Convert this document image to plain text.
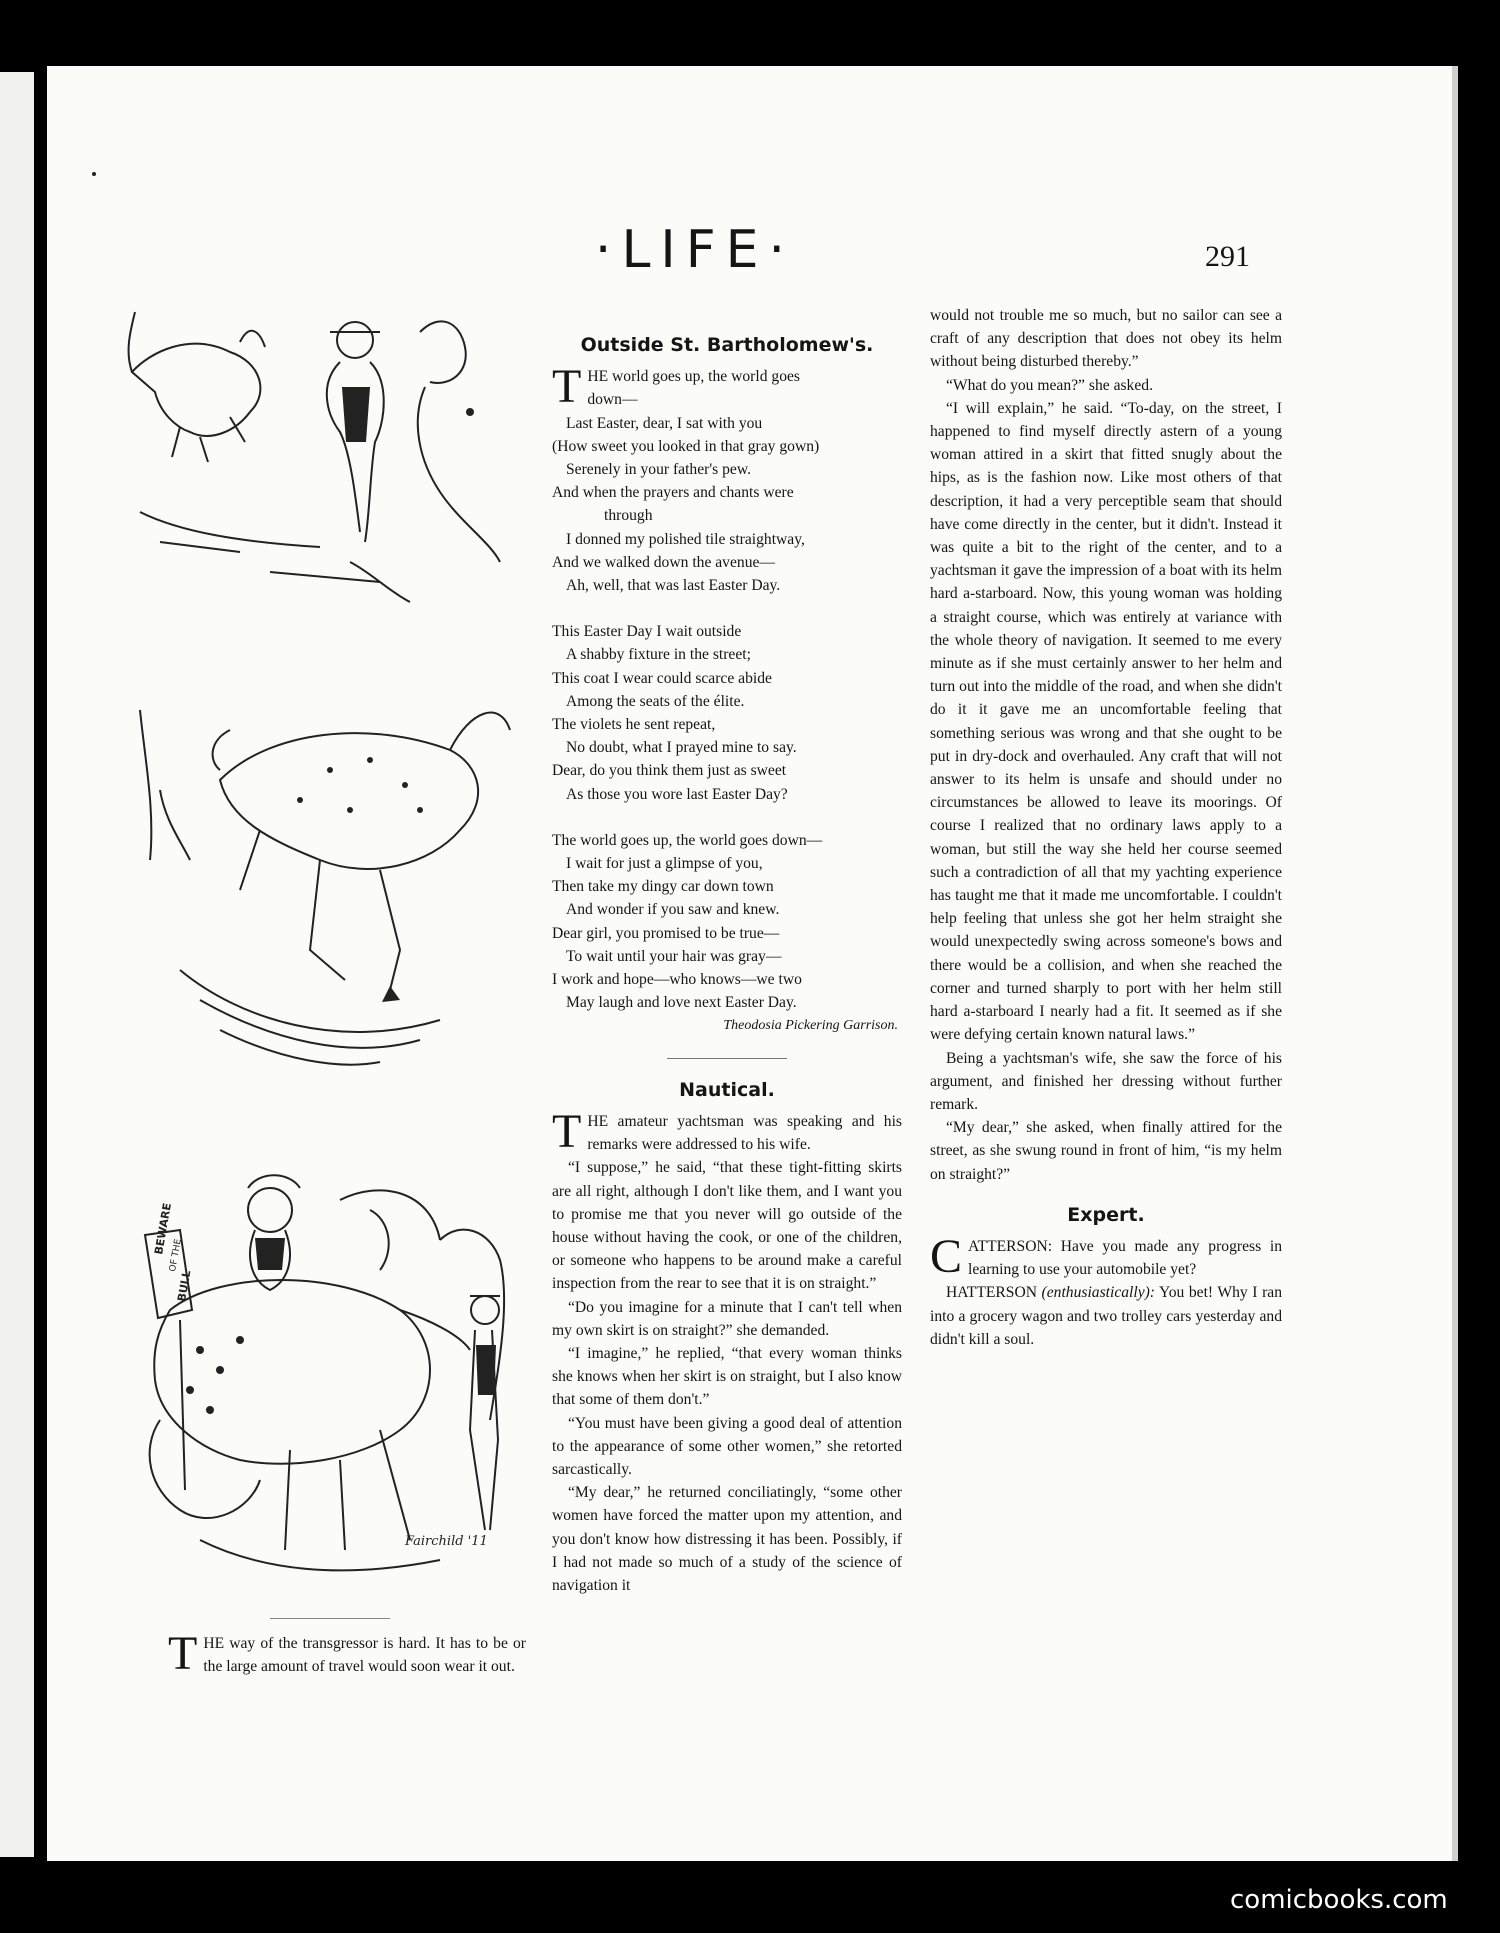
·LIFE·	291
BEWARE
OF THE
BULL
Fairchild '11

THE way of the transgressor is hard. It has to be or the large amount of travel would soon wear it out.

Outside St. Bartholomew's.
T HE world goes up, the world goes
down—
Last Easter, dear, I sat with you
(How sweet you looked in that gray gown)
Serenely in your father's pew.
And when the prayers and chants were
through
I donned my polished tile straightway,
And we walked down the avenue—
Ah, well, that was last Easter Day.
This Easter Day I wait outside
A shabby fixture in the street;
This coat I wear could scarce abide
Among the seats of the élite.
The violets he sent repeat,
No doubt, what I prayed mine to say.
Dear, do you think them just as sweet
As those you wore last Easter Day?
The world goes up, the world goes down—
I wait for just a glimpse of you,
Then take my dingy car down town
And wonder if you saw and knew.
Dear girl, you promised to be true—
To wait until your hair was gray—
I work and hope—who knows—we two
May laugh and love next Easter Day.
Theodosia Pickering Garrison.
Nautical.

THE amateur yachtsman was speaking and his remarks were addressed to his wife.

“I suppose,” he said, “that these tight-fitting skirts are all right, although I don't like them, and I want you to promise me that you never will go outside of the house without having the cook, or one of the children, or someone who happens to be around make a careful inspection from the rear to see that it is on straight.”

“Do you imagine for a minute that I can't tell when my own skirt is on straight?” she demanded.

“I imagine,” he replied, “that every woman thinks she knows when her skirt is on straight, but I also know that some of them don't.”

“You must have been giving a good deal of attention to the appearance of some other women,” she retorted sarcastically.

“My dear,” he returned conciliatingly, “some other women have forced the matter upon my attention, and you don't know how distressing it has been. Possibly, if I had not made so much of a study of the science of navigation it

would not trouble me so much, but no sailor can see a craft of any description that does not obey its helm without being disturbed thereby.”

“What do you mean?” she asked.

“I will explain,” he said. “To-day, on the street, I happened to find myself directly astern of a young woman attired in a skirt that fitted snugly about the hips, as is the fashion now. Like most others of that description, it had a very perceptible seam that should have come directly in the center, but it didn't. Instead it was quite a bit to the right of the center, and to a yachtsman it gave the impression of a boat with its helm hard a-starboard. Now, this young woman was holding a straight course, which was entirely at variance with the whole theory of navigation. It seemed to me every minute as if she must certainly answer to her helm and turn out into the middle of the road, and when she didn't do it it gave me an uncomfortable feeling that something serious was wrong and that she ought to be put in dry-dock and overhauled. Any craft that will not answer to its helm is unsafe and should under no circumstances be allowed to leave its moorings. Of course I realized that no ordinary laws apply to a woman, but still the way she held her course seemed such a contradiction of all that my yachting experience has taught me that it made me uncomfortable. I couldn't help feeling that unless she got her helm straight she would unexpectedly swing across someone's bows and there would be a collision, and when she reached the corner and turned sharply to port with her helm still hard a-starboard I nearly had a fit. It seemed as if she were defying certain known natural laws.”

Being a yachtsman's wife, she saw the force of his argument, and finished her dressing without further remark.

“My dear,” she asked, when finally attired for the street, as she swung round in front of him, “is my helm on straight?”

Expert.

CATTERSON: Have you made any progress in learning to use your automobile yet?

HATTERSON (enthusiastically): You bet! Why I ran into a grocery wagon and two trolley cars yesterday and didn't kill a soul.

comicbooks.com
